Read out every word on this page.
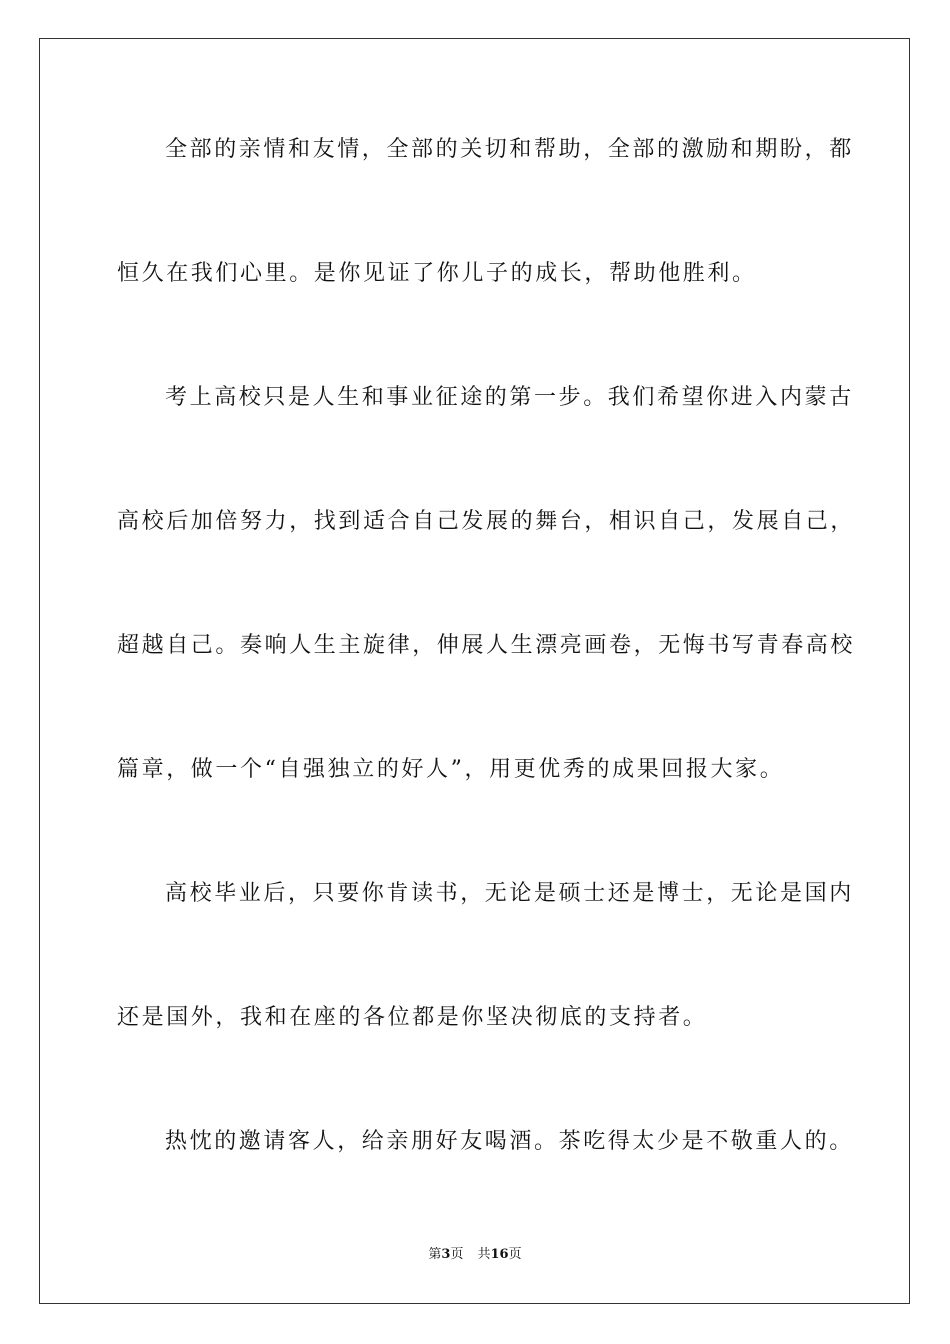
全部的亲情和友情，全部的关切和帮助，全部的激励和期盼，都
恒久在我们心里。是你见证了你儿子的成长，帮助他胜利。
考上高校只是人生和事业征途的第一步。我们希望你进入内蒙古
高校后加倍努力，找到适合自己发展的舞台，相识自己，发展自己，
超越自己。奏响人生主旋律，伸展人生漂亮画卷，无悔书写青春高校
篇章，做一个“自强独立的好人”，用更优秀的成果回报大家。
高校毕业后，只要你肯读书，无论是硕士还是博士，无论是国内
还是国外，我和在座的各位都是你坚决彻底的支持者。
热忱的邀请客人，给亲朋好友喝酒。茶吃得太少是不敬重人的。
第3页 共16页
